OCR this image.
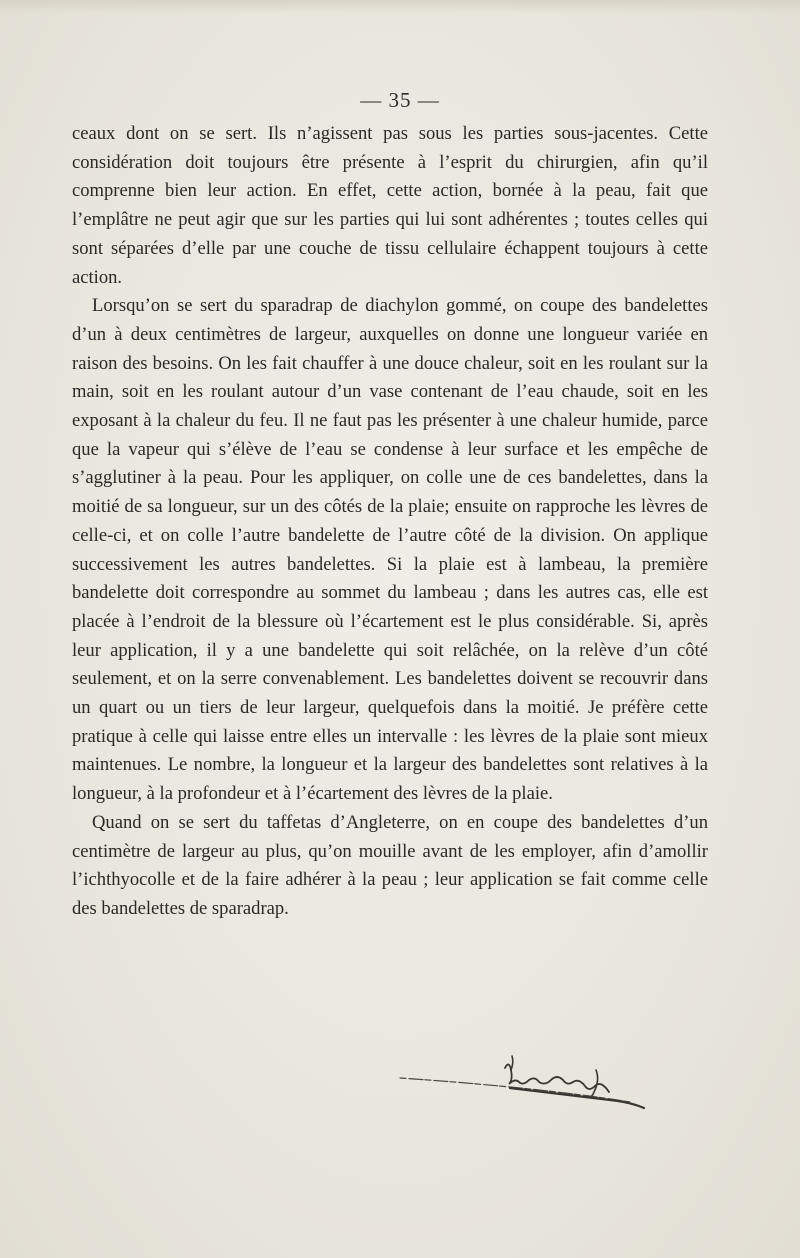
— 35 —

ceaux dont on se sert. Ils n’agissent pas sous les parties sous-jacentes. Cette considération doit toujours être présente à l’esprit du chirurgien, afin qu’il comprenne bien leur action. En effet, cette action, bornée à la peau, fait que l’emplâtre ne peut agir que sur les parties qui lui sont adhérentes ; toutes celles qui sont séparées d’elle par une couche de tissu cellulaire échappent toujours à cette action.

Lorsqu’on se sert du sparadrap de diachylon gommé, on coupe des bandelettes d’un à deux centimètres de largeur, auxquelles on donne une longueur variée en raison des besoins. On les fait chauffer à une douce chaleur, soit en les roulant sur la main, soit en les roulant autour d’un vase contenant de l’eau chaude, soit en les exposant à la chaleur du feu. Il ne faut pas les présenter à une chaleur humide, parce que la vapeur qui s’élève de l’eau se condense à leur surface et les empêche de s’agglutiner à la peau. Pour les appliquer, on colle une de ces bandelettes, dans la moitié de sa longueur, sur un des côtés de la plaie; ensuite on rapproche les lèvres de celle-ci, et on colle l’autre bandelette de l’autre côté de la division. On applique successivement les autres bandelettes. Si la plaie est à lambeau, la première bandelette doit correspondre au sommet du lambeau ; dans les autres cas, elle est placée à l’endroit de la blessure où l’écartement est le plus considérable. Si, après leur application, il y a une bandelette qui soit relâchée, on la relève d’un côté seulement, et on la serre convenablement. Les bandelettes doivent se recouvrir dans un quart ou un tiers de leur largeur, quelquefois dans la moitié. Je préfère cette pratique à celle qui laisse entre elles un intervalle : les lèvres de la plaie sont mieux maintenues. Le nombre, la longueur et la largeur des bandelettes sont relatives à la longueur, à la profondeur et à l’écartement des lèvres de la plaie.

Quand on se sert du taffetas d’Angleterre, on en coupe des bandelettes d’un centimètre de largeur au plus, qu’on mouille avant de les employer, afin d’amollir l’ichthyocolle et de la faire adhérer à la peau ; leur application se fait comme celle des bandelettes de sparadrap.
